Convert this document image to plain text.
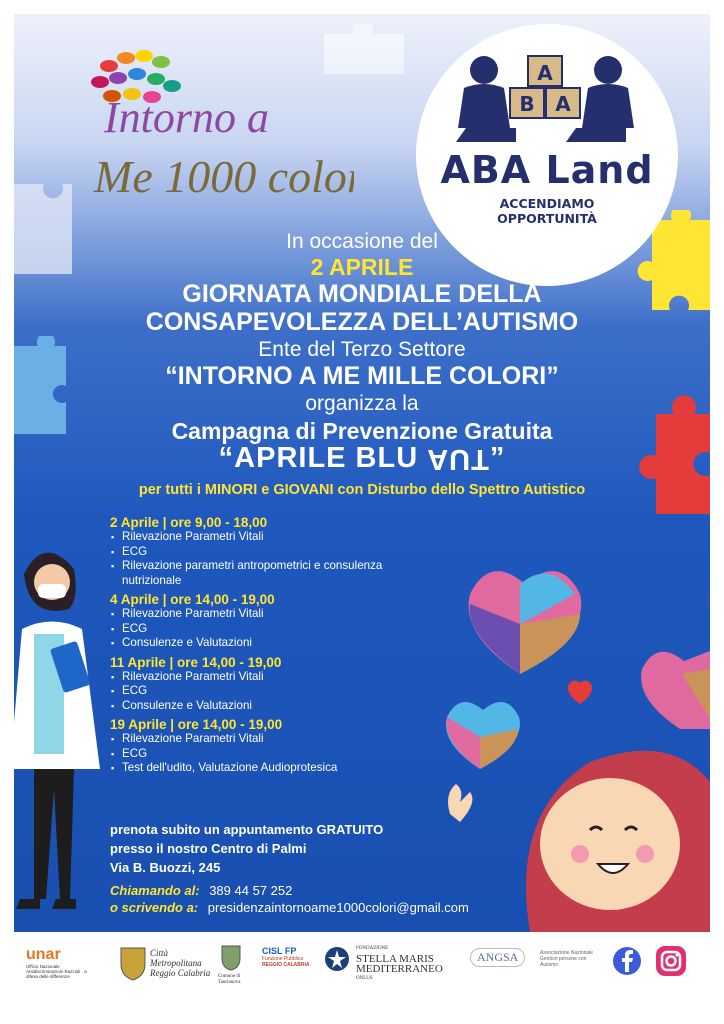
Intorno a
Me 1000 colori
A
B A
ABA Land
ACCENDIAMO
OPPORTUNITÀ
In occasione del
2 APRILE
GIORNATA MONDIALE DELLA
CONSAPEVOLEZZA DELL’AUTISMO
Ente del Terzo Settore
“INTORNO A ME MILLE COLORI”
organizza la
Campagna di Prevenzione Gratuita
“APRILE BLU AUT”
per tutti i MINORI e GIOVANI con Disturbo dello Spettro Autistico
2 Aprile | ore 9,00 - 18,00
▪ Rilevazione Parametri Vitali
▪ ECG
▪ Rilevazione parametri antropometrici e consulenza nutrizionale
4 Aprile | ore 14,00 - 19,00
▪ Rilevazione Parametri Vitali
▪ ECG
▪ Consulenze e Valutazioni
11 Aprile | ore 14,00 - 19,00
▪ Rilevazione Parametri Vitali
▪ ECG
▪ Consulenze e Valutazioni
19 Aprile | ore 14,00 - 19,00
▪ Rilevazione Parametri Vitali
▪ ECG
▪ Test dell'udito, Valutazione Audioprotesica
prenota subito un appuntamento GRATUITO
presso il nostro Centro di Palmi
Via B. Buozzi, 245
Chiamando al: 389 44 57 252
o scrivendo a: presidenzaintornoame1000colori@gmail.com
unar
Ufficio Nazionale Antidiscriminazioni Razziali · a difesa delle differenze
Città
Metropolitana
Reggio Calabria Comune di
Taurianova
CISL FP
Funzione Pubblica
REGGIO CALABRIA
FONDAZIONE
STELLA MARIS
MEDITERRANEO
ONLUS
ANGSA	Associazione Nazionale Genitori persone con Autismo
